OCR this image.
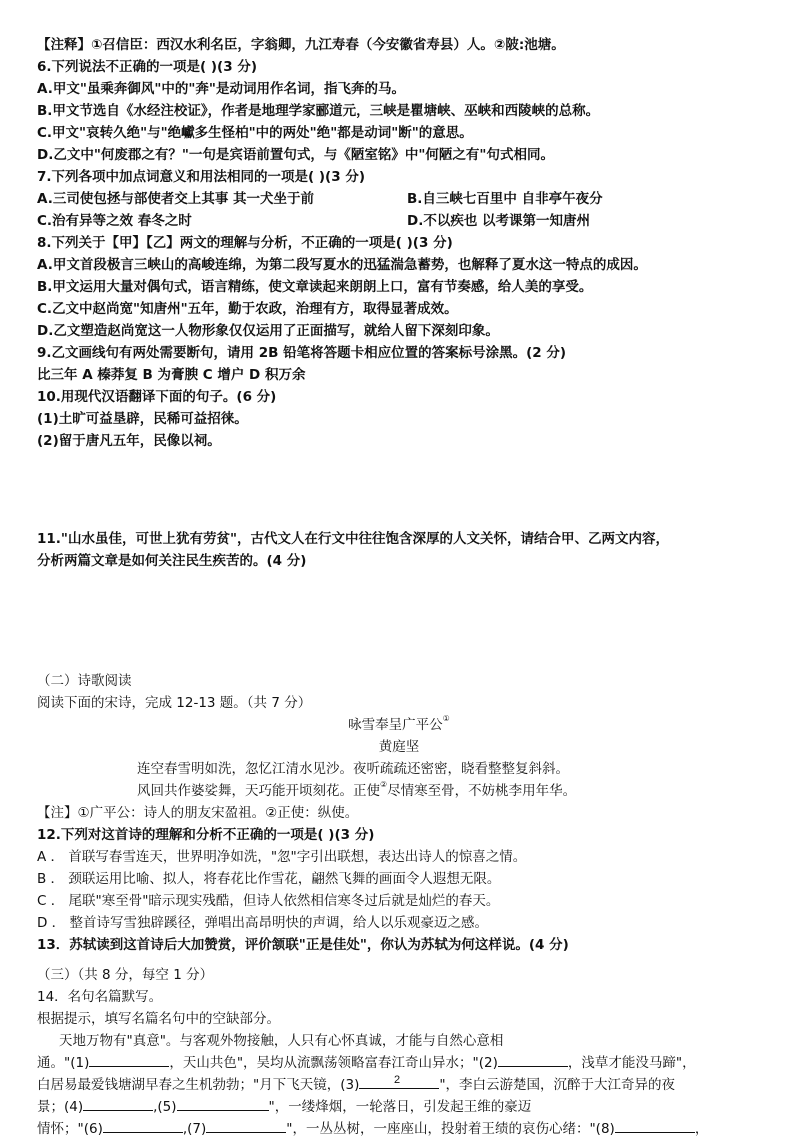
【注释】①召信臣：西汉水利名臣，字翁卿，九江寿春（今安徽省寿县）人。②陂:池塘。
6.下列说法不正确的一项是( )(3 分)
A.甲文"虽乘奔御风"中的"奔"是动词用作名词，指飞奔的马。
B.甲文节选自《水经注校证》，作者是地理学家郦道元，三峡是瞿塘峡、巫峡和西陵峡的总称。
C.甲文"哀转久绝"与"绝巘多生怪柏"中的两处"绝"都是动词"断"的意思。
D.乙文中"何废郡之有？"一句是宾语前置句式，与《陋室铭》中"何陋之有"句式相同。
7.下列各项中加点词意义和用法相同的一项是( )(3 分)
A.三司使包拯与部使者交上其事 其一犬坐于前	B.自三峡七百里中 自非亭午夜分
C.治有异等之效 春冬之时	D.不以疾也 以考课第一知唐州
8.下列关于【甲】【乙】两文的理解与分析，不正确的一项是( )(3 分)
A.甲文首段极言三峡山的高峻连绵，为第二段写夏水的迅猛湍急蓄势，也解释了夏水这一特点的成因。
B.甲文运用大量对偶句式，语言精练，使文章读起来朗朗上口，富有节奏感，给人美的享受。
C.乙文中赵尚宽"知唐州"五年，勤于农政，治理有方，取得显著成效。
D.乙文塑造赵尚宽这一人物形象仅仅运用了正面描写，就给人留下深刻印象。
9.乙文画线句有两处需要断句，请用 2B 铅笔将答题卡相应位置的答案标号涂黑。(2 分)
比三年 A 榛莽复 B 为膏腴 C 增户 D 积万余
10.用现代汉语翻译下面的句子。(6 分)
(1)土旷可益垦辟，民稀可益招徕。
(2)留于唐凡五年，民像以祠。
11."山水虽佳，可世上犹有劳贫"，古代文人在行文中往往饱含深厚的人文关怀，请结合甲、乙两文内容，
分析两篇文章是如何关注民生疾苦的。(4 分)
（二）诗歌阅读
阅读下面的宋诗，完成 12-13 题。（共 7 分）
咏雪奉呈广平公①
黄庭坚
连空春雪明如洗，忽忆江清水见沙。夜听疏疏还密密，晓看整整复斜斜。
风回共作婆娑舞，天巧能开顷刻花。正使②尽情寒至骨，不妨桃李用年华。
【注】①广平公：诗人的朋友宋盈祖。②正使：纵使。
12.下列对这首诗的理解和分析不正确的一项是( )(3 分)
A ． 首联写春雪连天，世界明净如洗，"忽"字引出联想，表达出诗人的惊喜之情。
B ． 颈联运用比喻、拟人，将春花比作雪花，翩然飞舞的画面令人遐想无限。
C ． 尾联"寒至骨"暗示现实残酷，但诗人依然相信寒冬过后就是灿烂的春天。
D ． 整首诗写雪独辟蹊径，弹唱出高昂明快的声调，给人以乐观豪迈之感。
13．苏轼读到这首诗后大加赞赏，评价颔联"正是佳处"，你认为苏轼为何这样说。(4 分)
（三）（共 8 分，每空 1 分）
14．名句名篇默写。
根据提示，填写名篇名句中的空缺部分。
天地万物有"真意"。与客观外物接触，人只有心怀真诚，才能与自然心意相
通。"(1)	，天山共色"，吴均从流飘荡领略富春江奇山异水；"(2)	，浅草才能没马蹄"，
白居易最爱钱塘湖早春之生机勃勃；"月下飞天镜，(3)	"，李白云游楚国，沉醉于大江奇异的夜
景；(4)	,(5)	"，一缕烽烟，一轮落日，引发起王维的豪迈
情怀；"(6)	,(7)	"，一丛丛树，一座座山，投射着王绩的哀伤心绪："(8)	，
2
